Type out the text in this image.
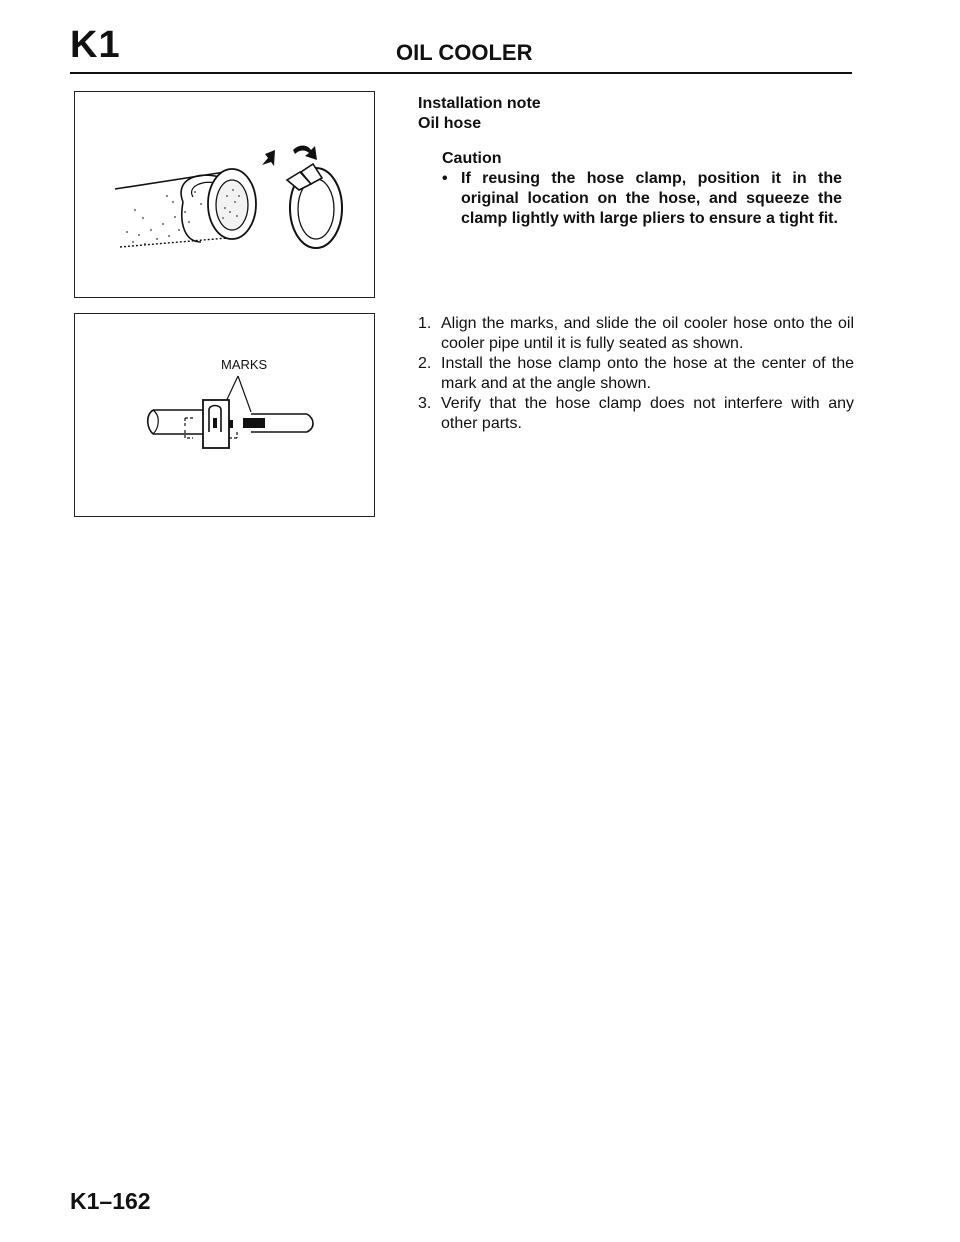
K1	OIL COOLER
MARKS

Installation note

Oil hose

Caution
• If reusing the hose clamp, position it in the original location on the hose, and squeeze the clamp lightly with large pliers to ensure a tight fit.
1. Align the marks, and slide the oil cooler hose onto the oil cooler pipe until it is fully seated as shown.
2. Install the hose clamp onto the hose at the center of the mark and at the angle shown.
3. Verify that the hose clamp does not interfere with any other parts.
K1–162
